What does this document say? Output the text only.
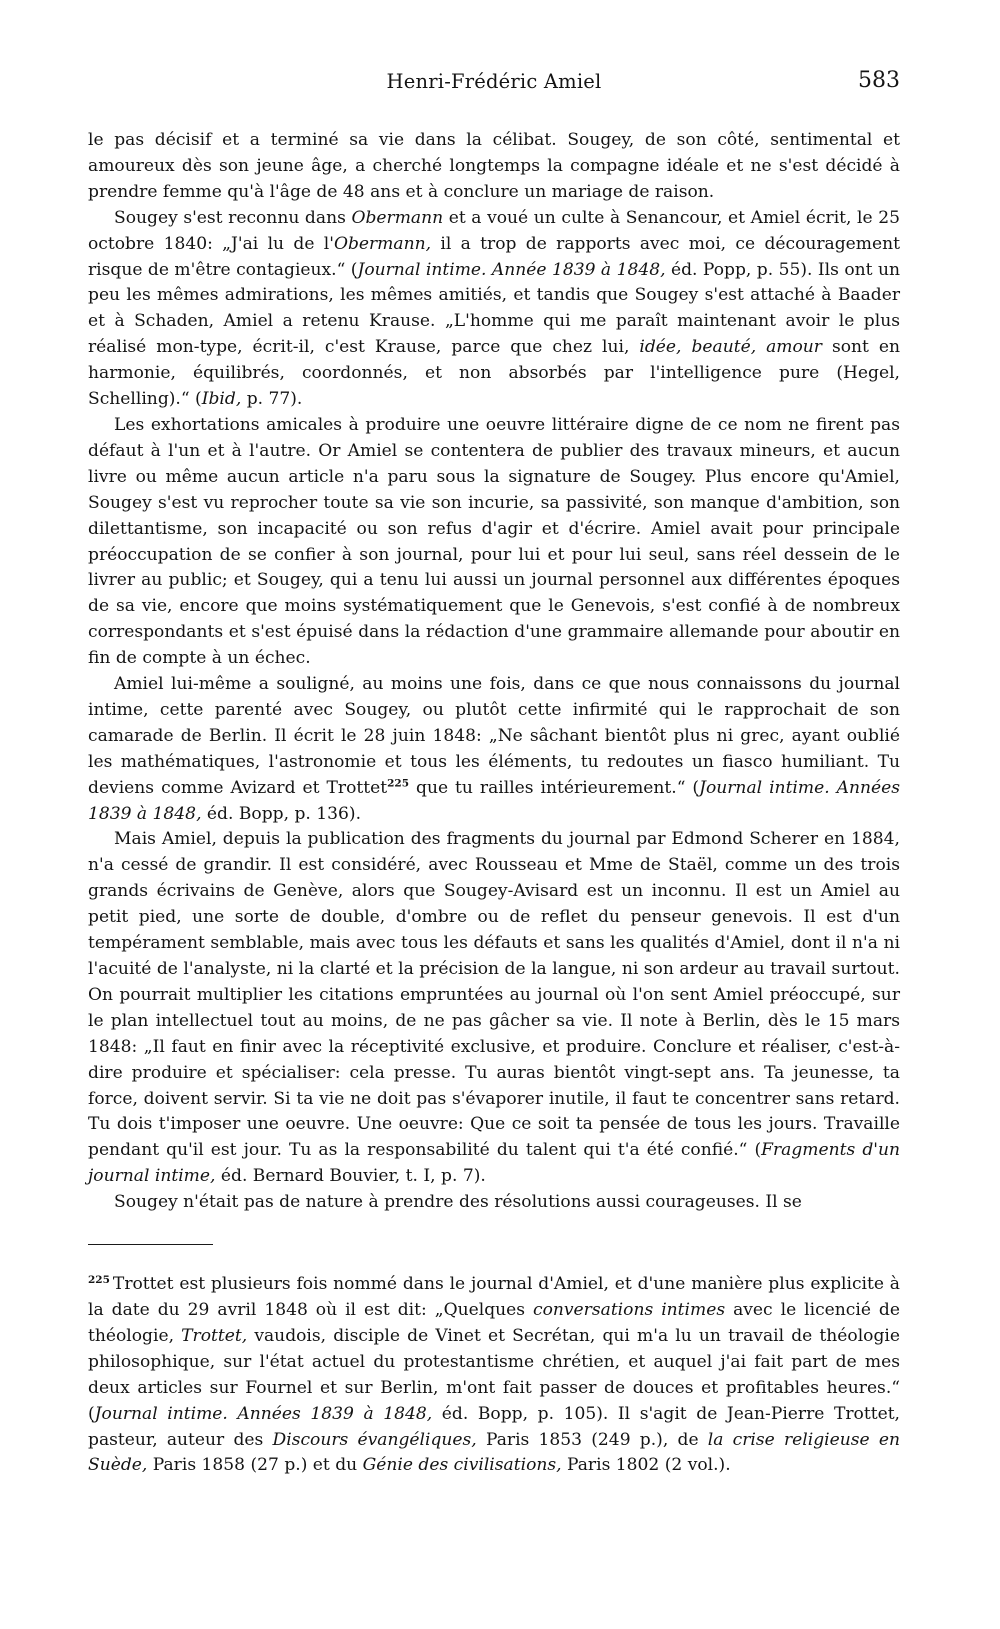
Henri-Frédéric Amiel	583

le pas décisif et a terminé sa vie dans la célibat. Sougey, de son côté, sentimental et amoureux dès son jeune âge, a cherché longtemps la compagne idéale et ne s'est décidé à prendre femme qu'à l'âge de 48 ans et à conclure un mariage de raison.

Sougey s'est reconnu dans Obermann et a voué un culte à Senancour, et Amiel écrit, le 25 octobre 1840: „J'ai lu de l'Obermann, il a trop de rapports avec moi, ce découragement risque de m'être contagieux.“ (Journal intime. Année 1839 à 1848, éd. Popp, p. 55). Ils ont un peu les mêmes admirations, les mêmes amitiés, et tandis que Sougey s'est attaché à Baader et à Schaden, Amiel a retenu Krause. „L'homme qui me paraît maintenant avoir le plus réalisé mon-type, écrit-il, c'est Krause, parce que chez lui, idée, beauté, amour sont en harmonie, équilibrés, coordonnés, et non absorbés par l'intelligence pure (Hegel, Schelling).“ (Ibid, p. 77).

Les exhortations amicales à produire une oeuvre littéraire digne de ce nom ne firent pas défaut à l'un et à l'autre. Or Amiel se contentera de publier des travaux mineurs, et aucun livre ou même aucun article n'a paru sous la signature de Sougey. Plus encore qu'Amiel, Sougey s'est vu reprocher toute sa vie son incurie, sa passivité, son manque d'ambition, son dilettantisme, son incapacité ou son refus d'agir et d'écrire. Amiel avait pour principale préoccupation de se confier à son journal, pour lui et pour lui seul, sans réel dessein de le livrer au public; et Sougey, qui a tenu lui aussi un journal personnel aux différentes époques de sa vie, encore que moins systématiquement que le Genevois, s'est confié à de nombreux correspondants et s'est épuisé dans la rédaction d'une grammaire allemande pour aboutir en fin de compte à un échec.

Amiel lui-même a souligné, au moins une fois, dans ce que nous connaissons du journal intime, cette parenté avec Sougey, ou plutôt cette infirmité qui le rapprochait de son camarade de Berlin. Il écrit le 28 juin 1848: „Ne sâchant bientôt plus ni grec, ayant oublié les mathématiques, l'astronomie et tous les éléments, tu redoutes un fiasco humiliant. Tu deviens comme Avizard et Trottet$^{225}$ que tu railles intérieurement.“ (Journal intime. Années 1839 à 1848, éd. Bopp, p. 136).

Mais Amiel, depuis la publication des fragments du journal par Edmond Scherer en 1884, n'a cessé de grandir. Il est considéré, avec Rousseau et Mme de Staël, comme un des trois grands écrivains de Genève, alors que Sougey-Avisard est un inconnu. Il est un Amiel au petit pied, une sorte de double, d'ombre ou de reflet du penseur genevois. Il est d'un tempérament semblable, mais avec tous les défauts et sans les qualités d'Amiel, dont il n'a ni l'acuité de l'analyste, ni la clarté et la précision de la langue, ni son ardeur au travail surtout. On pourrait multiplier les citations empruntées au journal où l'on sent Amiel préoccupé, sur le plan intellectuel tout au moins, de ne pas gâcher sa vie. Il note à Berlin, dès le 15 mars 1848: „Il faut en finir avec la réceptivité exclusive, et produire. Conclure et réaliser, c'est-à-dire produire et spécialiser: cela presse. Tu auras bientôt vingt-sept ans. Ta jeunesse, ta force, doivent servir. Si ta vie ne doit pas s'évaporer inutile, il faut te concentrer sans retard. Tu dois t'imposer une oeuvre. Une oeuvre: Que ce soit ta pensée de tous les jours. Travaille pendant qu'il est jour. Tu as la responsabilité du talent qui t'a été confié.“ (Fragments d'un journal intime, éd. Bernard Bouvier, t. I, p. 7).

Sougey n'était pas de nature à prendre des résolutions aussi courageuses. Il se

$^{225}$ Trottet est plusieurs fois nommé dans le journal d'Amiel, et d'une manière plus explicite à la date du 29 avril 1848 où il est dit: „Quelques conversations intimes avec le licencié de théologie, Trottet, vaudois, disciple de Vinet et Secrétan, qui m'a lu un travail de théologie philosophique, sur l'état actuel du protestantisme chrétien, et auquel j'ai fait part de mes deux articles sur Fournel et sur Berlin, m'ont fait passer de douces et profitables heures.“ (Journal intime. Années 1839 à 1848, éd. Bopp, p. 105). Il s'agit de Jean-Pierre Trottet, pasteur, auteur des Discours évangéliques, Paris 1853 (249 p.), de la crise religieuse en Suède, Paris 1858 (27 p.) et du Génie des civilisations, Paris 1802 (2 vol.).
